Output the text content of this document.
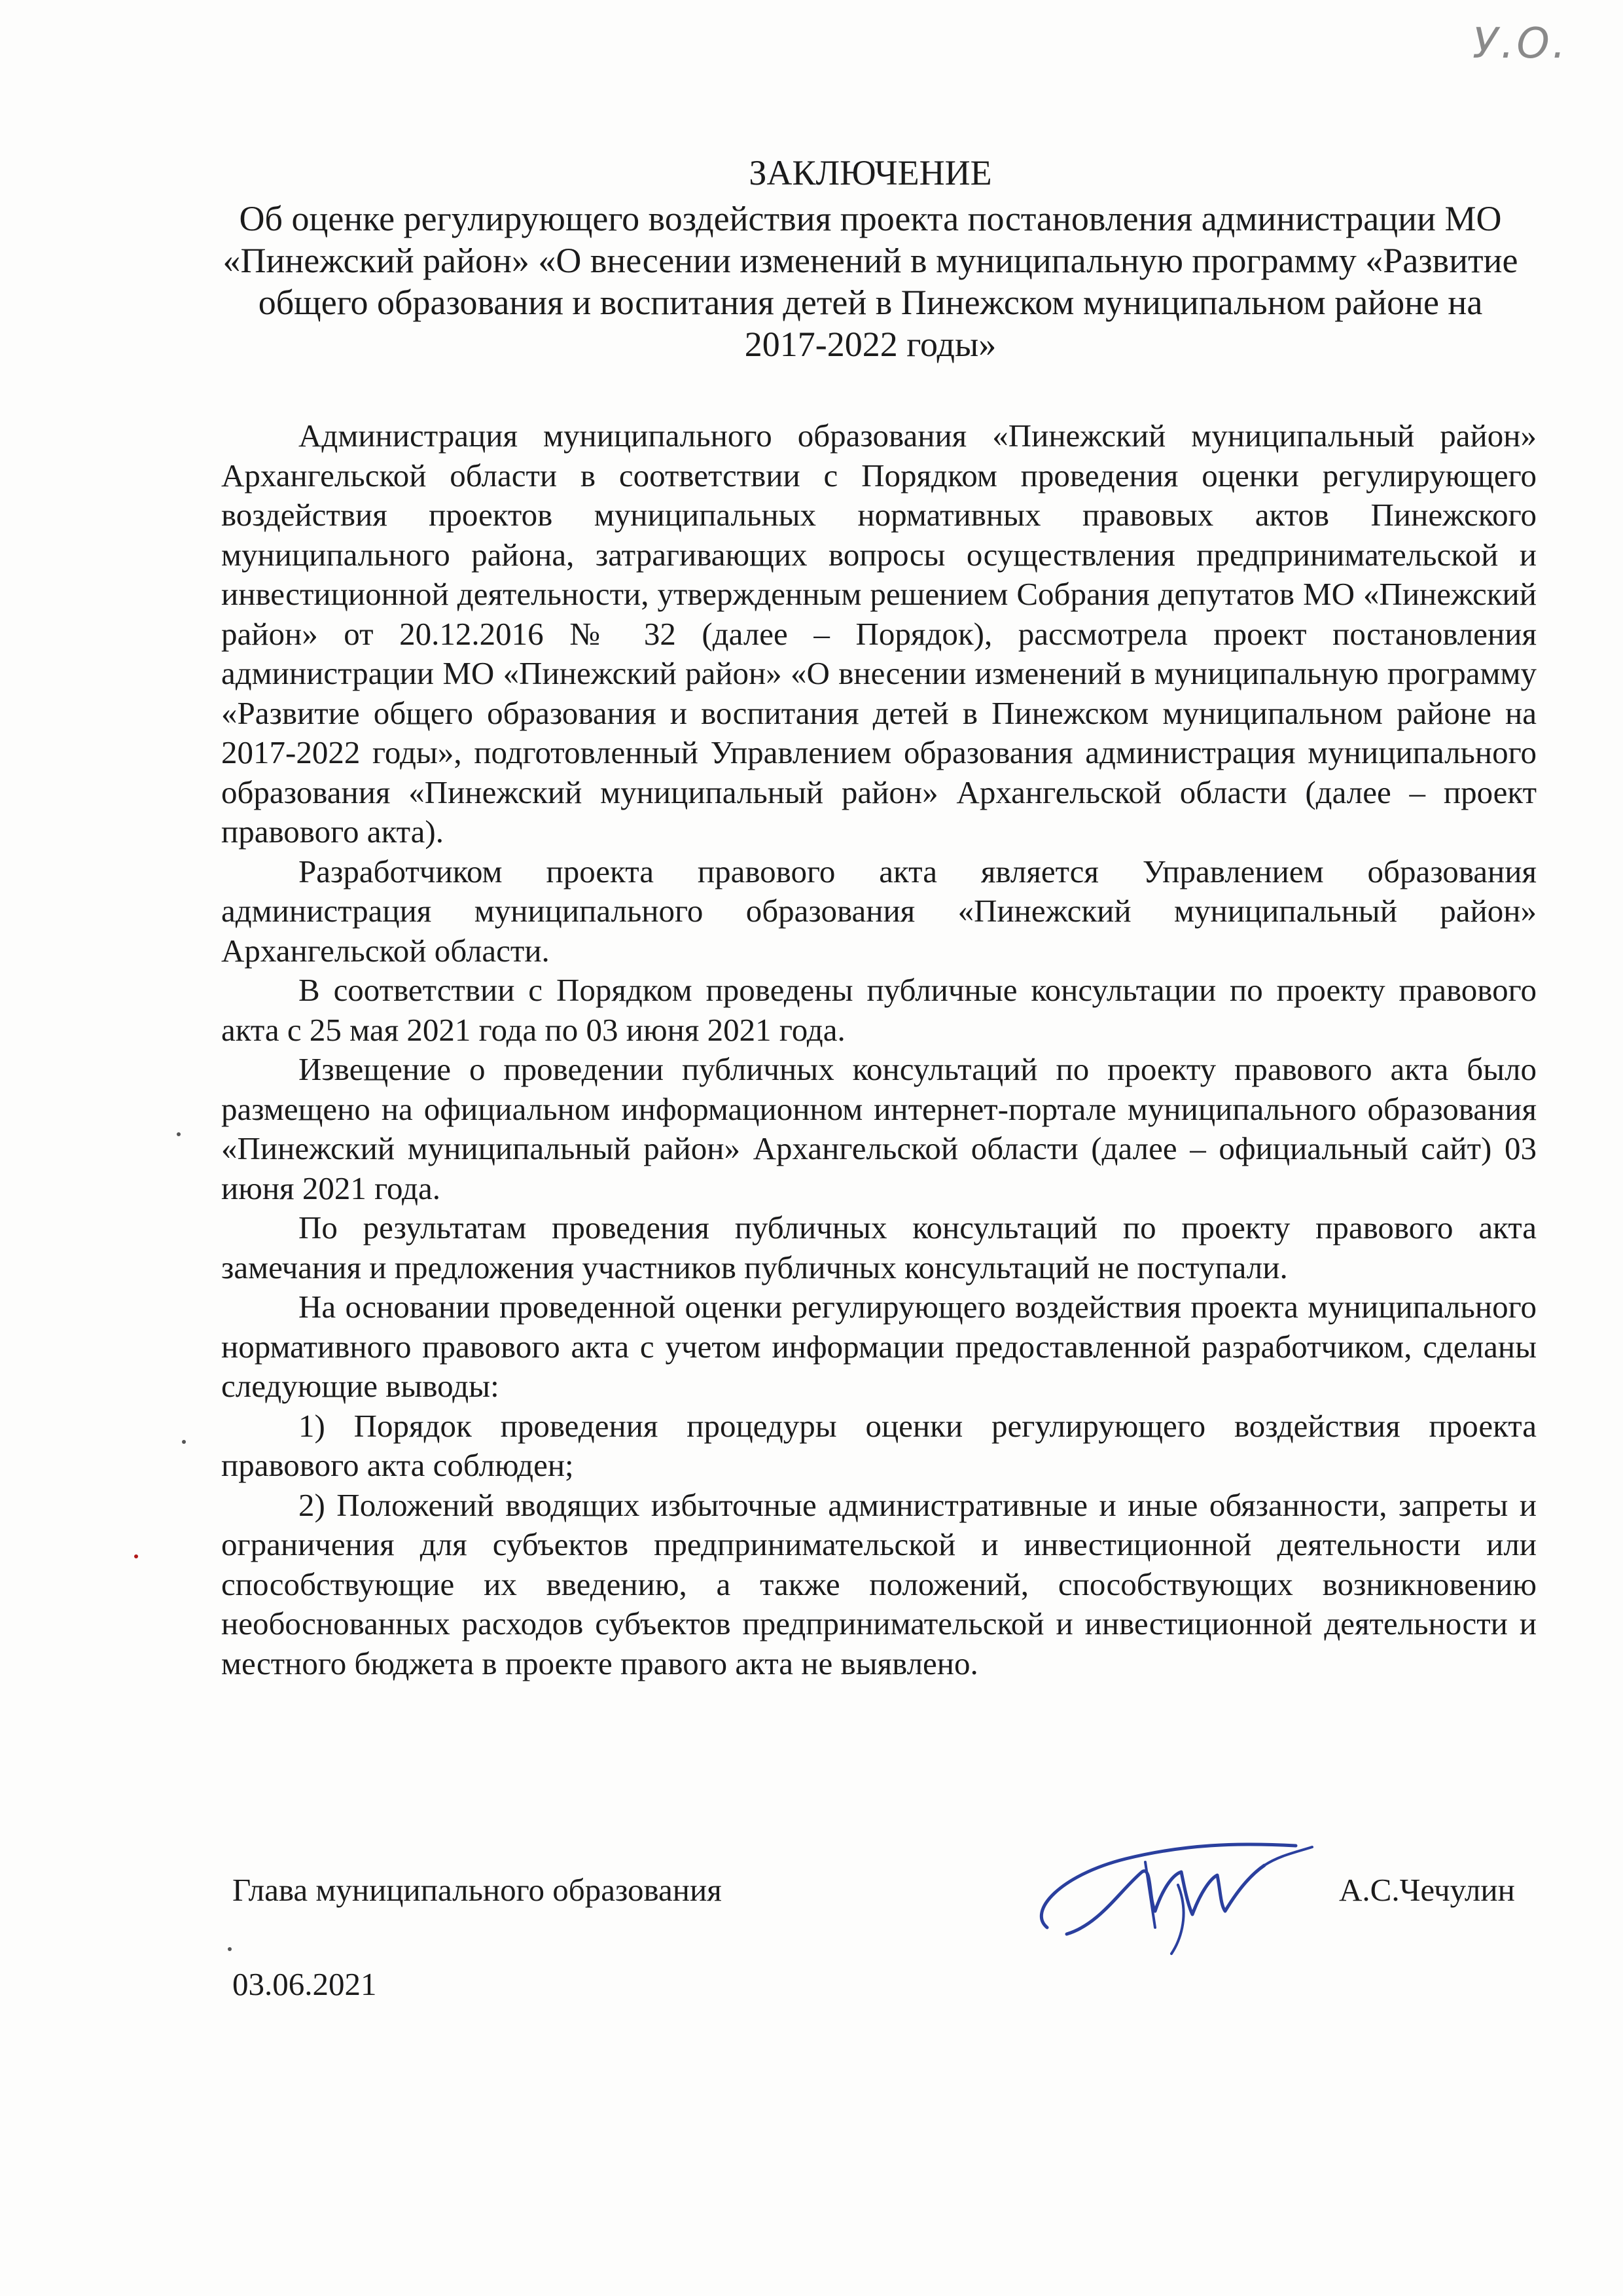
У.О.
ЗАКЛЮЧЕНИЕ

Об оценке регулирующего воздействия проекта постановления администрации МО «Пинежский район» «О внесении изменений в муниципальную программу «Развитие общего образования и воспитания детей в Пинежском муниципальном районе на 2017-2022 годы»

Администрация муниципального образования «Пинежский муниципальный район» Архангельской области в соответствии с Порядком проведения оценки регулирующего воздействия проектов муниципальных нормативных правовых актов Пинежского муниципального района, затрагивающих вопросы осуществления предпринимательской и инвестиционной деятельности, утвержденным решением Собрания депутатов МО «Пинежский район» от 20.12.2016 № 32 (далее – Порядок), рассмотрела проект постановления администрации МО «Пинежский район» «О внесении изменений в муниципальную программу «Развитие общего образования и воспитания детей в Пинежском муниципальном районе на 2017-2022 годы», подготовленный Управлением образования администрация муниципального образования «Пинежский муниципальный район» Архангельской области (далее – проект правового акта).

Разработчиком проекта правового акта является Управлением образования администрация муниципального образования «Пинежский муниципальный район» Архангельской области.

В соответствии с Порядком проведены публичные консультации по проекту правового акта с 25 мая 2021 года по 03 июня 2021 года.

Извещение о проведении публичных консультаций по проекту правового акта было размещено на официальном информационном интернет-портале муниципального образования «Пинежский муниципальный район» Архангельской области (далее – официальный сайт) 03 июня 2021 года.

По результатам проведения публичных консультаций по проекту правового акта замечания и предложения участников публичных консультаций не поступали.

На основании проведенной оценки регулирующего воздействия проекта муниципального нормативного правового акта с учетом информации предоставленной разработчиком, сделаны следующие выводы:

1) Порядок проведения процедуры оценки регулирующего воздействия проекта правового акта соблюден;

2) Положений вводящих избыточные административные и иные обязанности, запреты и ограничения для субъектов предпринимательской и инвестиционной деятельности или способствующие их введению, а также положений, способствующих возникновению необоснованных расходов субъектов предпринимательской и инвестиционной деятельности и местного бюджета в проекте правого акта не выявлено.

Глава муниципального образования	А.С.Чечулин
03.06.2021
